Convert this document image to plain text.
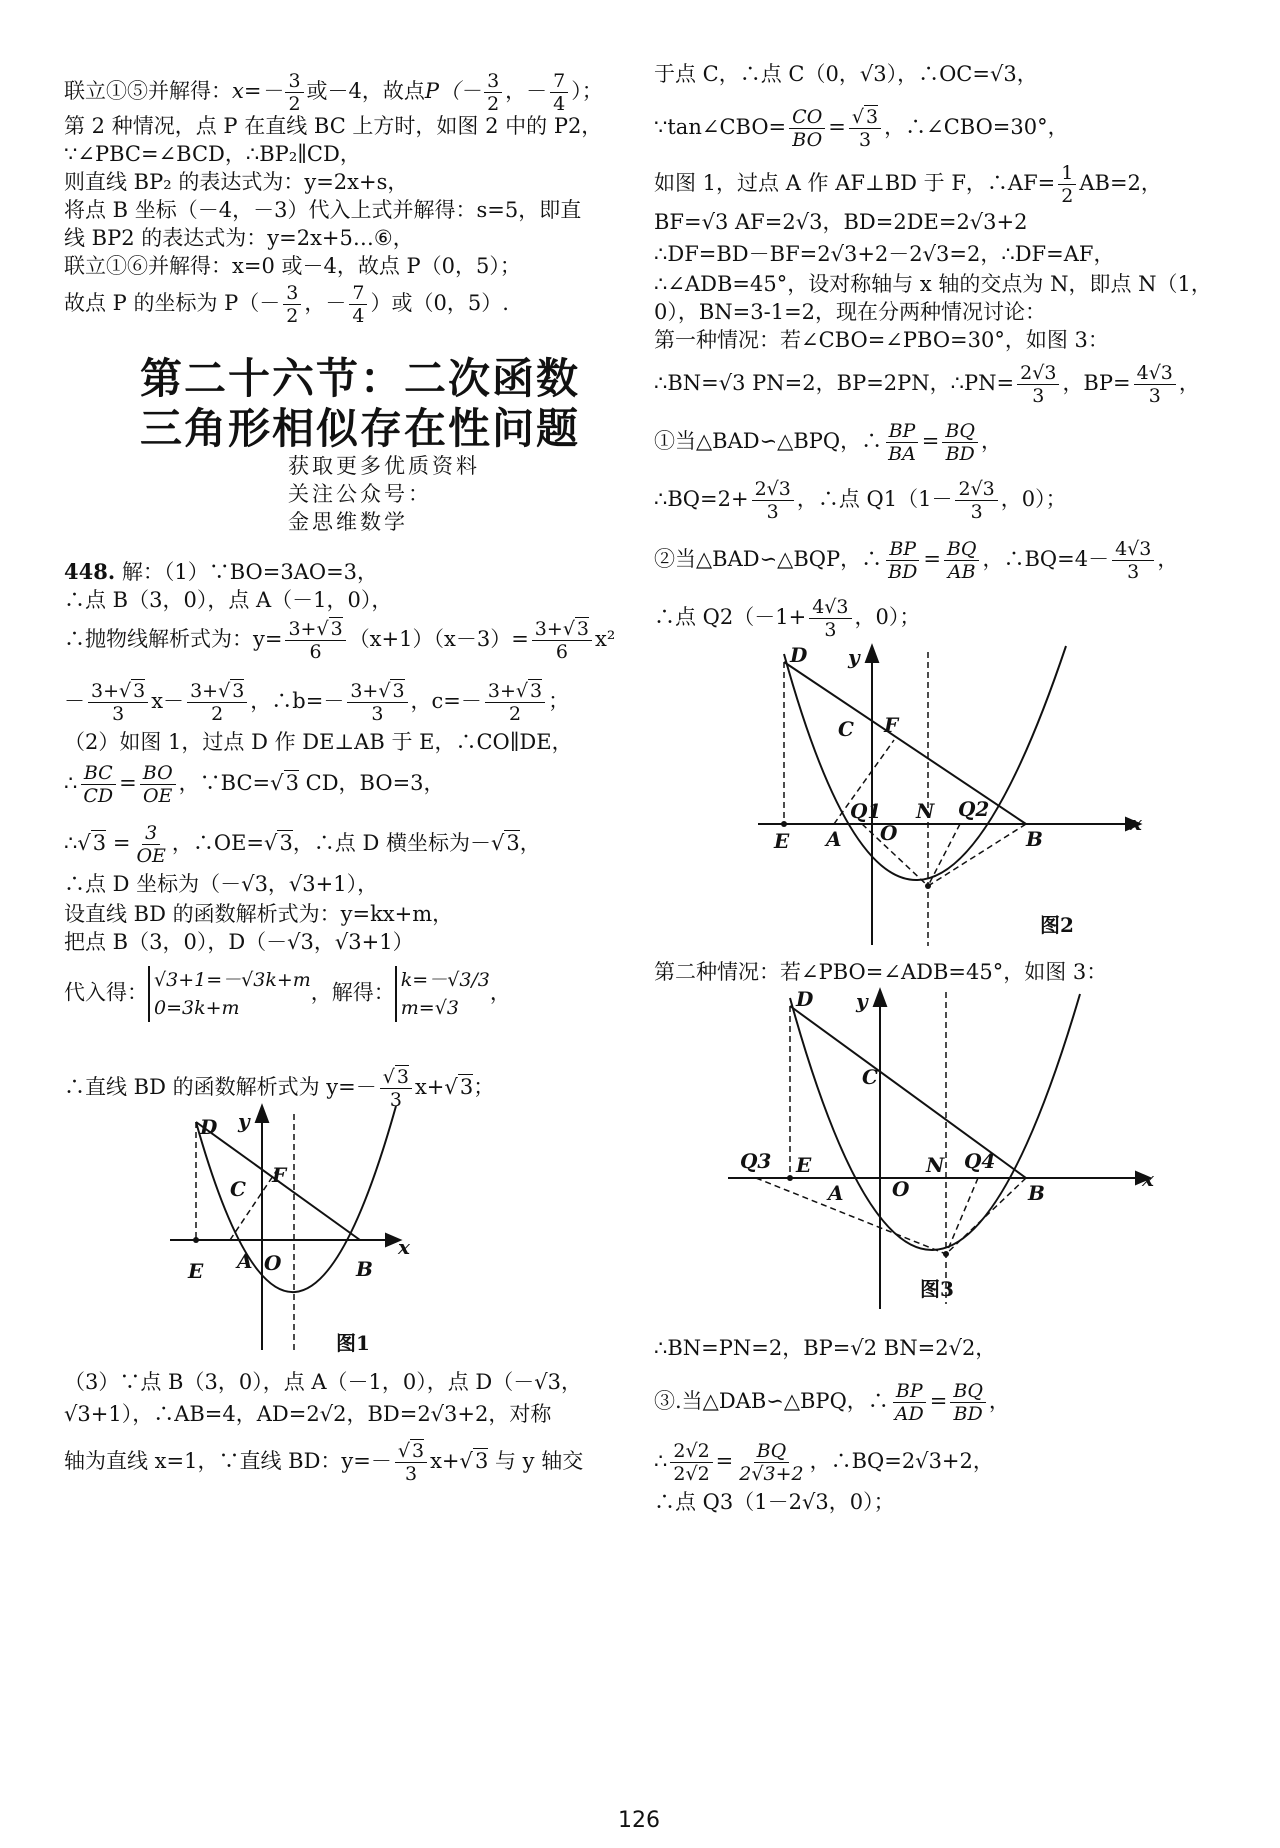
联立①⑤并解得：$x=- \frac{3}{2}$ 或－4，故点$P(- \frac{3}{2}$ ，－ $\frac{7}{4}$ ）；
第 2 种情况，点 P 在直线 BC 上方时，如图 2 中的 P2，
∵∠PBC=∠BCD，∴BP₂∥CD，
则直线 BP₂ 的表达式为：y=2x+s，
将点 B 坐标（－4，－3）代入上式并解得：s=5，即直
线 BP2 的表达式为：y=2x+5…⑥，
联立①⑥并解得：x=0 或－4，故点 P（0，5）；
故点 P 的坐标为 $P(- \frac{3}{2}$ ，－ $\frac{7}{4}$ ）或（0，5）.
第二十六节：二次函数
三角形相似存在性问题
获取更多优质资料
关注公众号：
金思维数学
448. 解：（1）∵BO=3AO=3，
∴点 B（3，0），点 A（－1，0），
∴抛物线解析式为：$y= \frac{3+√ 3}{6} (x+1)(x-3)= \frac{3+√ 3}{6} x^2$
－ $\frac{3+√ 3}{3} x- \frac{3+√ 3}{2}$ ，∴b=－ $\frac{3+√ 3}{3}$ ，$c=- \frac{3+√ 3}{2}$ ；
（2）如图 1，过点 D 作 DE⊥AB 于 E，∴CO∥DE，
∴ $\frac{BC}{CD} = \frac{BO}{OE}$ ，∵BC=√ 3 CD，BO=3，
∴√ $3 = \frac{3}{OE}$ ，∴OE=√ 3，∴点 D 横坐标为－√ 3，
∴点 D 坐标为（－√3，√3+1），
设直线 BD 的函数解析式为：y=kx+m，
把点 B（3，0），D（－√3，√3+1）
代入得：
√3+1=－√3k+m
0=3k+m
，解得：
k=－√3/3
m=√3
，
∴直线 BD 的函数解析式为 y=－
√ $\frac{3}{3} x+√$ 3；
（3）∵点 B（3，0），点 A（－1，0），点 D（－√3，
√3+1），∴AB=4，AD=2√2，BD=2√3+2，对称
轴为直线 x=1，∵直线 BD：y=－
√ $\frac{3}{3} x+√$ 3 与 y 轴交
D
C
F
E A O	B
x
y
图1
于点 C，∴点 C（0，√3），∴OC=√3，
∵tan∠CBO= $\frac{CO}{BO}$ =
√ $\frac{3}{3}$ ，∴∠CBO=30°，
如图 1，过点 A 作 AF⊥BD 于 F，∴AF= $\frac{1}{2} AB=2$，
BF=√3 AF=2√3，BD=2DE=2√3+2
∴DF=BD－BF=2√3+2－2√3=2，∴DF=AF，
∴∠ADB=45°，设对称轴与 x 轴的交点为 N，即点 N（1，
0），BN=3-1=2，现在分两种情况讨论：
第一种情况：若∠CBO=∠PBO=30°，如图 3：
∴BN=√3 PN=2，BP=2PN，∴PN= $\frac{2√3}{3}$ ，$BP= \frac{4√3}{3}$ ，
①当△BAD∽△BPQ，∴ $\frac{BP}{BA} = \frac{BQ}{BD}$ ，
∴BQ=2+ $\frac{2√3}{3}$ ，∴点 $Q1(1- \frac{2√3}{3}$ ，0）；
②当△BAD∽△BQP，∴ $\frac{BP}{BD} = \frac{BQ}{AB}$ ，∴BQ=4－ $\frac{4√3}{3}$ ，
∴点 $Q2(-1+ \frac{4√3}{3}$ ，0）；
第二种情况：若∠PBO=∠ADB=45°，如图 3：
∴BN=PN=2，BP=√2 BN=2√2，
③.当△DAB∽△BPQ，∴ $\frac{BP}{AD} = \frac{BQ}{BD}$ ，
∴ $\frac{2√2}{2√2} = \frac{BQ}{2√3+2}$ ，∴BQ=2√3+2，
∴点 Q3（1－2√3，0）；
D
C F
E A
Q1
O
N Q2
B
x
y
图2
D
C
Q3 E
A O
N Q4
B
x
y
图3
126
